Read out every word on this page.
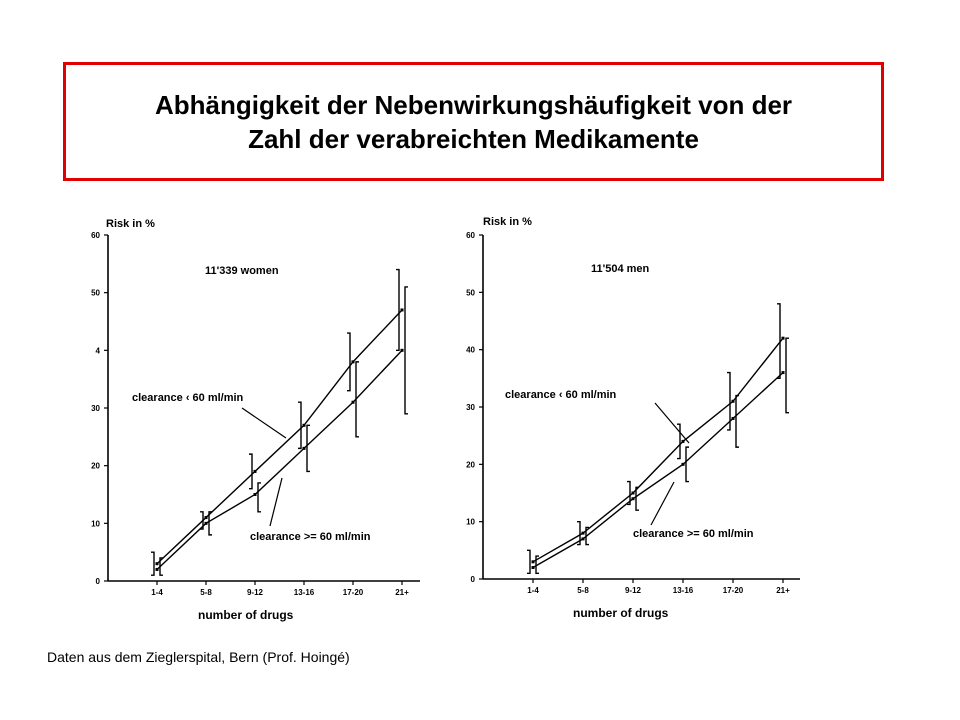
Abhängigkeit der Nebenwirkungshäufigkeit von der
Zahl der verabreichten Medikamente
0
10
20
30
4
50
60
1-4	5-8	9-12	13-16	17-20	21+
Risk in %
number of drugs
11'339 women
clearance ‹ 60 ml/min
clearance >= 60 ml/min
0
10
20
30
40
50
60
1-4	5-8	9-12	13-16	17-20	21+
Risk in %
number of drugs
11'504 men
clearance ‹ 60 ml/min
clearance >= 60 ml/min
Daten aus dem Zieglerspital, Bern (Prof. Hoingé)
